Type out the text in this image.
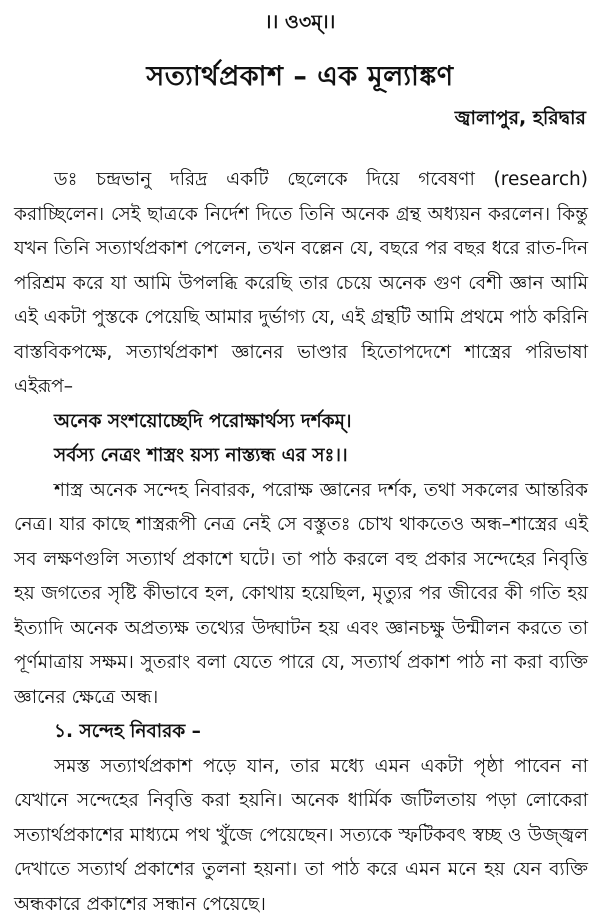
।। ও৩ম্।।
সত্যার্থপ্রকাশ – এক মূল্যাঙ্কণ
জ্বালাপুর, হরিদ্বার

ডঃ চন্দ্রভানু দরিদ্র একটি ছেলেকে দিয়ে গবেষণা (research) করাচ্ছিলেন। সেই ছাত্রকে নির্দেশ দিতে তিনি অনেক গ্রন্থ অধ্যয়ন করলেন। কিন্তু যখন তিনি সত্যার্থপ্রকাশ পেলেন, তখন বল্লেন যে, বছরে পর বছর ধরে রাত-দিন পরিশ্রম করে যা আমি উপলব্ধি করেছি তার চেয়ে অনেক গুণ বেশী জ্ঞান আমি এই একটা পুস্তকে পেয়েছি আমার দুর্ভাগ্য যে, এই গ্রন্থটি আমি প্রথমে পাঠ করিনি বাস্তবিকপক্ষে, সত্যার্থপ্রকাশ জ্ঞানের ভাণ্ডার হিতোপদেশে শাস্ত্রের পরিভাষা এইরূপ–

অনেক সংশয়োচ্ছেদি পরোক্ষার্থস্য দর্শকম্।

সর্বস্য নেত্রং শাস্ত্রং য়স্য নাস্ত্যন্ধ এর সঃ।।

শাস্ত্র অনেক সন্দেহ নিবারক, পরোক্ষ জ্ঞানের দর্শক, তথা সকলের আন্তরিক নেত্র। যার কাছে শাস্ত্ররূপী নেত্র নেই সে বস্তুতঃ চোখ থাকতেও অন্ধ–শাস্ত্রের এই সব লক্ষণগুলি সত্যার্থ প্রকাশে ঘটে। তা পাঠ করলে বহু প্রকার সন্দেহের নিবৃত্তি হয় জগতের সৃষ্টি কীভাবে হল, কোথায় হয়েছিল, মৃত্যুর পর জীবের কী গতি হয় ইত্যাদি অনেক অপ্রত্যক্ষ তথ্যের উদ্ঘাটন হয় এবং জ্ঞানচক্ষু উন্মীলন করতে তা পূর্ণমাত্রায় সক্ষম। সুতরাং বলা যেতে পারে যে, সত্যার্থ প্রকাশ পাঠ না করা ব্যক্তি জ্ঞানের ক্ষেত্রে অন্ধ।

১. সন্দেহ নিবারক –

সমস্ত সত্যার্থপ্রকাশ পড়ে যান, তার মধ্যে এমন একটা পৃষ্ঠা পাবেন না যেখানে সন্দেহের নিবৃত্তি করা হয়নি। অনেক ধার্মিক জটিলতায় পড়া লোকেরা সত্যার্থপ্রকাশের মাধ্যমে পথ খুঁজে পেয়েছেন। সত্যকে স্ফটিকবৎ স্বচ্ছ ও উজ্জ্বল দেখাতে সত্যার্থ প্রকাশের তুলনা হয়না। তা পাঠ করে এমন মনে হয় যেন ব্যক্তি অন্ধকারে প্রকাশের সন্ধান পেয়েছে।
